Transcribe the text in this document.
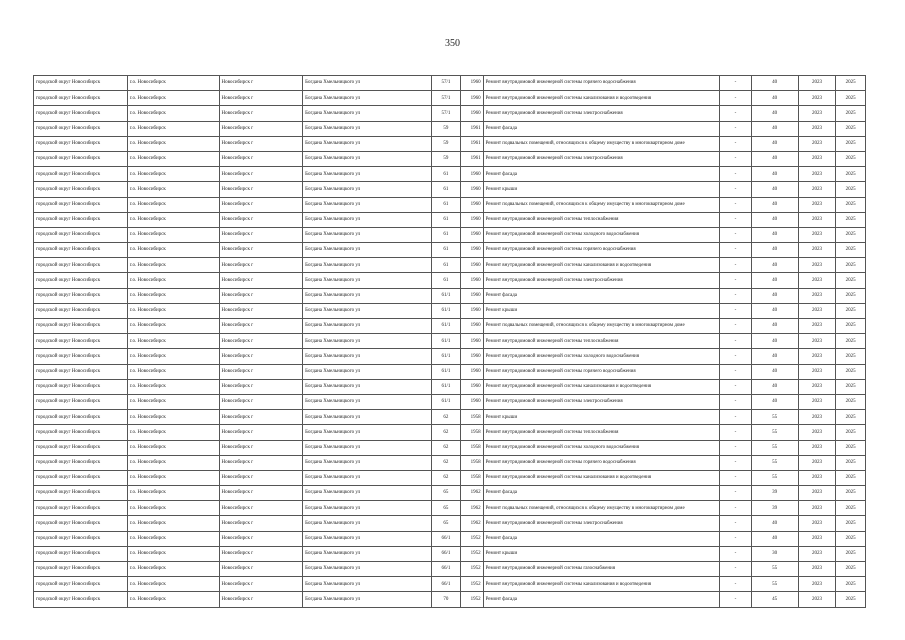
350
городской округ Новосибирск	г.о. Новосибирск	Новосибирск г	Богдана Хмельницкого ул	57/1	1960	Ремонт внутридомовой инженерной системы горячего водоснабжения	-	40	2023	2025
городской округ Новосибирск	г.о. Новосибирск	Новосибирск г	Богдана Хмельницкого ул	57/1	1960	Ремонт внутридомовой инженерной системы канализования и водоотведения	-	40	2023	2025
городской округ Новосибирск	г.о. Новосибирск	Новосибирск г	Богдана Хмельницкого ул	57/1	1960	Ремонт внутридомовой инженерной системы электроснабжения	-	40	2023	2025
городской округ Новосибирск	г.о. Новосибирск	Новосибирск г	Богдана Хмельницкого ул	59	1961	Ремонт фасада	-	40	2023	2025
городской округ Новосибирск	г.о. Новосибирск	Новосибирск г	Богдана Хмельницкого ул	59	1961	Ремонт подвальных помещений, относящихся к общему имуществу в многоквартирном доме	-	40	2023	2025
городской округ Новосибирск	г.о. Новосибирск	Новосибирск г	Богдана Хмельницкого ул	59	1961	Ремонт внутридомовой инженерной системы электроснабжения	-	40	2023	2025
городской округ Новосибирск	г.о. Новосибирск	Новосибирск г	Богдана Хмельницкого ул	61	1960	Ремонт фасада	-	40	2023	2025
городской округ Новосибирск	г.о. Новосибирск	Новосибирск г	Богдана Хмельницкого ул	61	1960	Ремонт крыши	-	40	2023	2025
городской округ Новосибирск	г.о. Новосибирск	Новосибирск г	Богдана Хмельницкого ул	61	1960	Ремонт подвальных помещений, относящихся к общему имуществу в многоквартирном доме	-	40	2023	2025
городской округ Новосибирск	г.о. Новосибирск	Новосибирск г	Богдана Хмельницкого ул	61	1960	Ремонт внутридомовой инженерной системы теплоснабжения	-	40	2023	2025
городской округ Новосибирск	г.о. Новосибирск	Новосибирск г	Богдана Хмельницкого ул	61	1960	Ремонт внутридомовой инженерной системы холодного водоснабжения	-	40	2023	2025
городской округ Новосибирск	г.о. Новосибирск	Новосибирск г	Богдана Хмельницкого ул	61	1960	Ремонт внутридомовой инженерной системы горячего водоснабжения	-	40	2023	2025
городской округ Новосибирск	г.о. Новосибирск	Новосибирск г	Богдана Хмельницкого ул	61	1960	Ремонт внутридомовой инженерной системы канализования и водоотведения	-	40	2023	2025
городской округ Новосибирск	г.о. Новосибирск	Новосибирск г	Богдана Хмельницкого ул	61	1960	Ремонт внутридомовой инженерной системы электроснабжения	-	40	2023	2025
городской округ Новосибирск	г.о. Новосибирск	Новосибирск г	Богдана Хмельницкого ул	61/1	1960	Ремонт фасада	-	40	2023	2025
городской округ Новосибирск	г.о. Новосибирск	Новосибирск г	Богдана Хмельницкого ул	61/1	1960	Ремонт крыши	-	40	2023	2025
городской округ Новосибирск	г.о. Новосибирск	Новосибирск г	Богдана Хмельницкого ул	61/1	1960	Ремонт подвальных помещений, относящихся к общему имуществу в многоквартирном доме	-	40	2023	2025
городской округ Новосибирск	г.о. Новосибирск	Новосибирск г	Богдана Хмельницкого ул	61/1	1960	Ремонт внутридомовой инженерной системы теплоснабжения	-	40	2023	2025
городской округ Новосибирск	г.о. Новосибирск	Новосибирск г	Богдана Хмельницкого ул	61/1	1960	Ремонт внутридомовой инженерной системы холодного водоснабжения	-	40	2023	2025
городской округ Новосибирск	г.о. Новосибирск	Новосибирск г	Богдана Хмельницкого ул	61/1	1960	Ремонт внутридомовой инженерной системы горячего водоснабжения	-	40	2023	2025
городской округ Новосибирск	г.о. Новосибирск	Новосибирск г	Богдана Хмельницкого ул	61/1	1960	Ремонт внутридомовой инженерной системы канализования и водоотведения	-	40	2023	2025
городской округ Новосибирск	г.о. Новосибирск	Новосибирск г	Богдана Хмельницкого ул	61/1	1960	Ремонт внутридомовой инженерной системы электроснабжения	-	40	2023	2025
городской округ Новосибирск	г.о. Новосибирск	Новосибирск г	Богдана Хмельницкого ул	62	1958	Ремонт крыши	-	55	2023	2025
городской округ Новосибирск	г.о. Новосибирск	Новосибирск г	Богдана Хмельницкого ул	62	1958	Ремонт внутридомовой инженерной системы теплоснабжения	-	55	2023	2025
городской округ Новосибирск	г.о. Новосибирск	Новосибирск г	Богдана Хмельницкого ул	62	1958	Ремонт внутридомовой инженерной системы холодного водоснабжения	-	55	2023	2025
городской округ Новосибирск	г.о. Новосибирск	Новосибирск г	Богдана Хмельницкого ул	62	1958	Ремонт внутридомовой инженерной системы горячего водоснабжения	-	55	2023	2025
городской округ Новосибирск	г.о. Новосибирск	Новосибирск г	Богдана Хмельницкого ул	62	1958	Ремонт внутридомовой инженерной системы канализования и водоотведения	-	55	2023	2025
городской округ Новосибирск	г.о. Новосибирск	Новосибирск г	Богдана Хмельницкого ул	65	1962	Ремонт фасада	-	39	2023	2025
городской округ Новосибирск	г.о. Новосибирск	Новосибирск г	Богдана Хмельницкого ул	65	1962	Ремонт подвальных помещений, относящихся к общему имуществу в многоквартирном доме	-	39	2023	2025
городской округ Новосибирск	г.о. Новосибирск	Новосибирск г	Богдана Хмельницкого ул	65	1962	Ремонт внутридомовой инженерной системы электроснабжения	-	40	2023	2025
городской округ Новосибирск	г.о. Новосибирск	Новосибирск г	Богдана Хмельницкого ул	66/1	1952	Ремонт фасада	-	40	2023	2025
городской округ Новосибирск	г.о. Новосибирск	Новосибирск г	Богдана Хмельницкого ул	66/1	1952	Ремонт крыши	-	30	2023	2025
городской округ Новосибирск	г.о. Новосибирск	Новосибирск г	Богдана Хмельницкого ул	66/1	1952	Ремонт внутридомовой инженерной системы газоснабжения	-	55	2023	2025
городской округ Новосибирск	г.о. Новосибирск	Новосибирск г	Богдана Хмельницкого ул	66/1	1952	Ремонт внутридомовой инженерной системы канализования и водоотведения	-	55	2023	2025
городской округ Новосибирск	г.о. Новосибирск	Новосибирск г	Богдана Хмельницкого ул	70	1952	Ремонт фасада	-	45	2023	2025
